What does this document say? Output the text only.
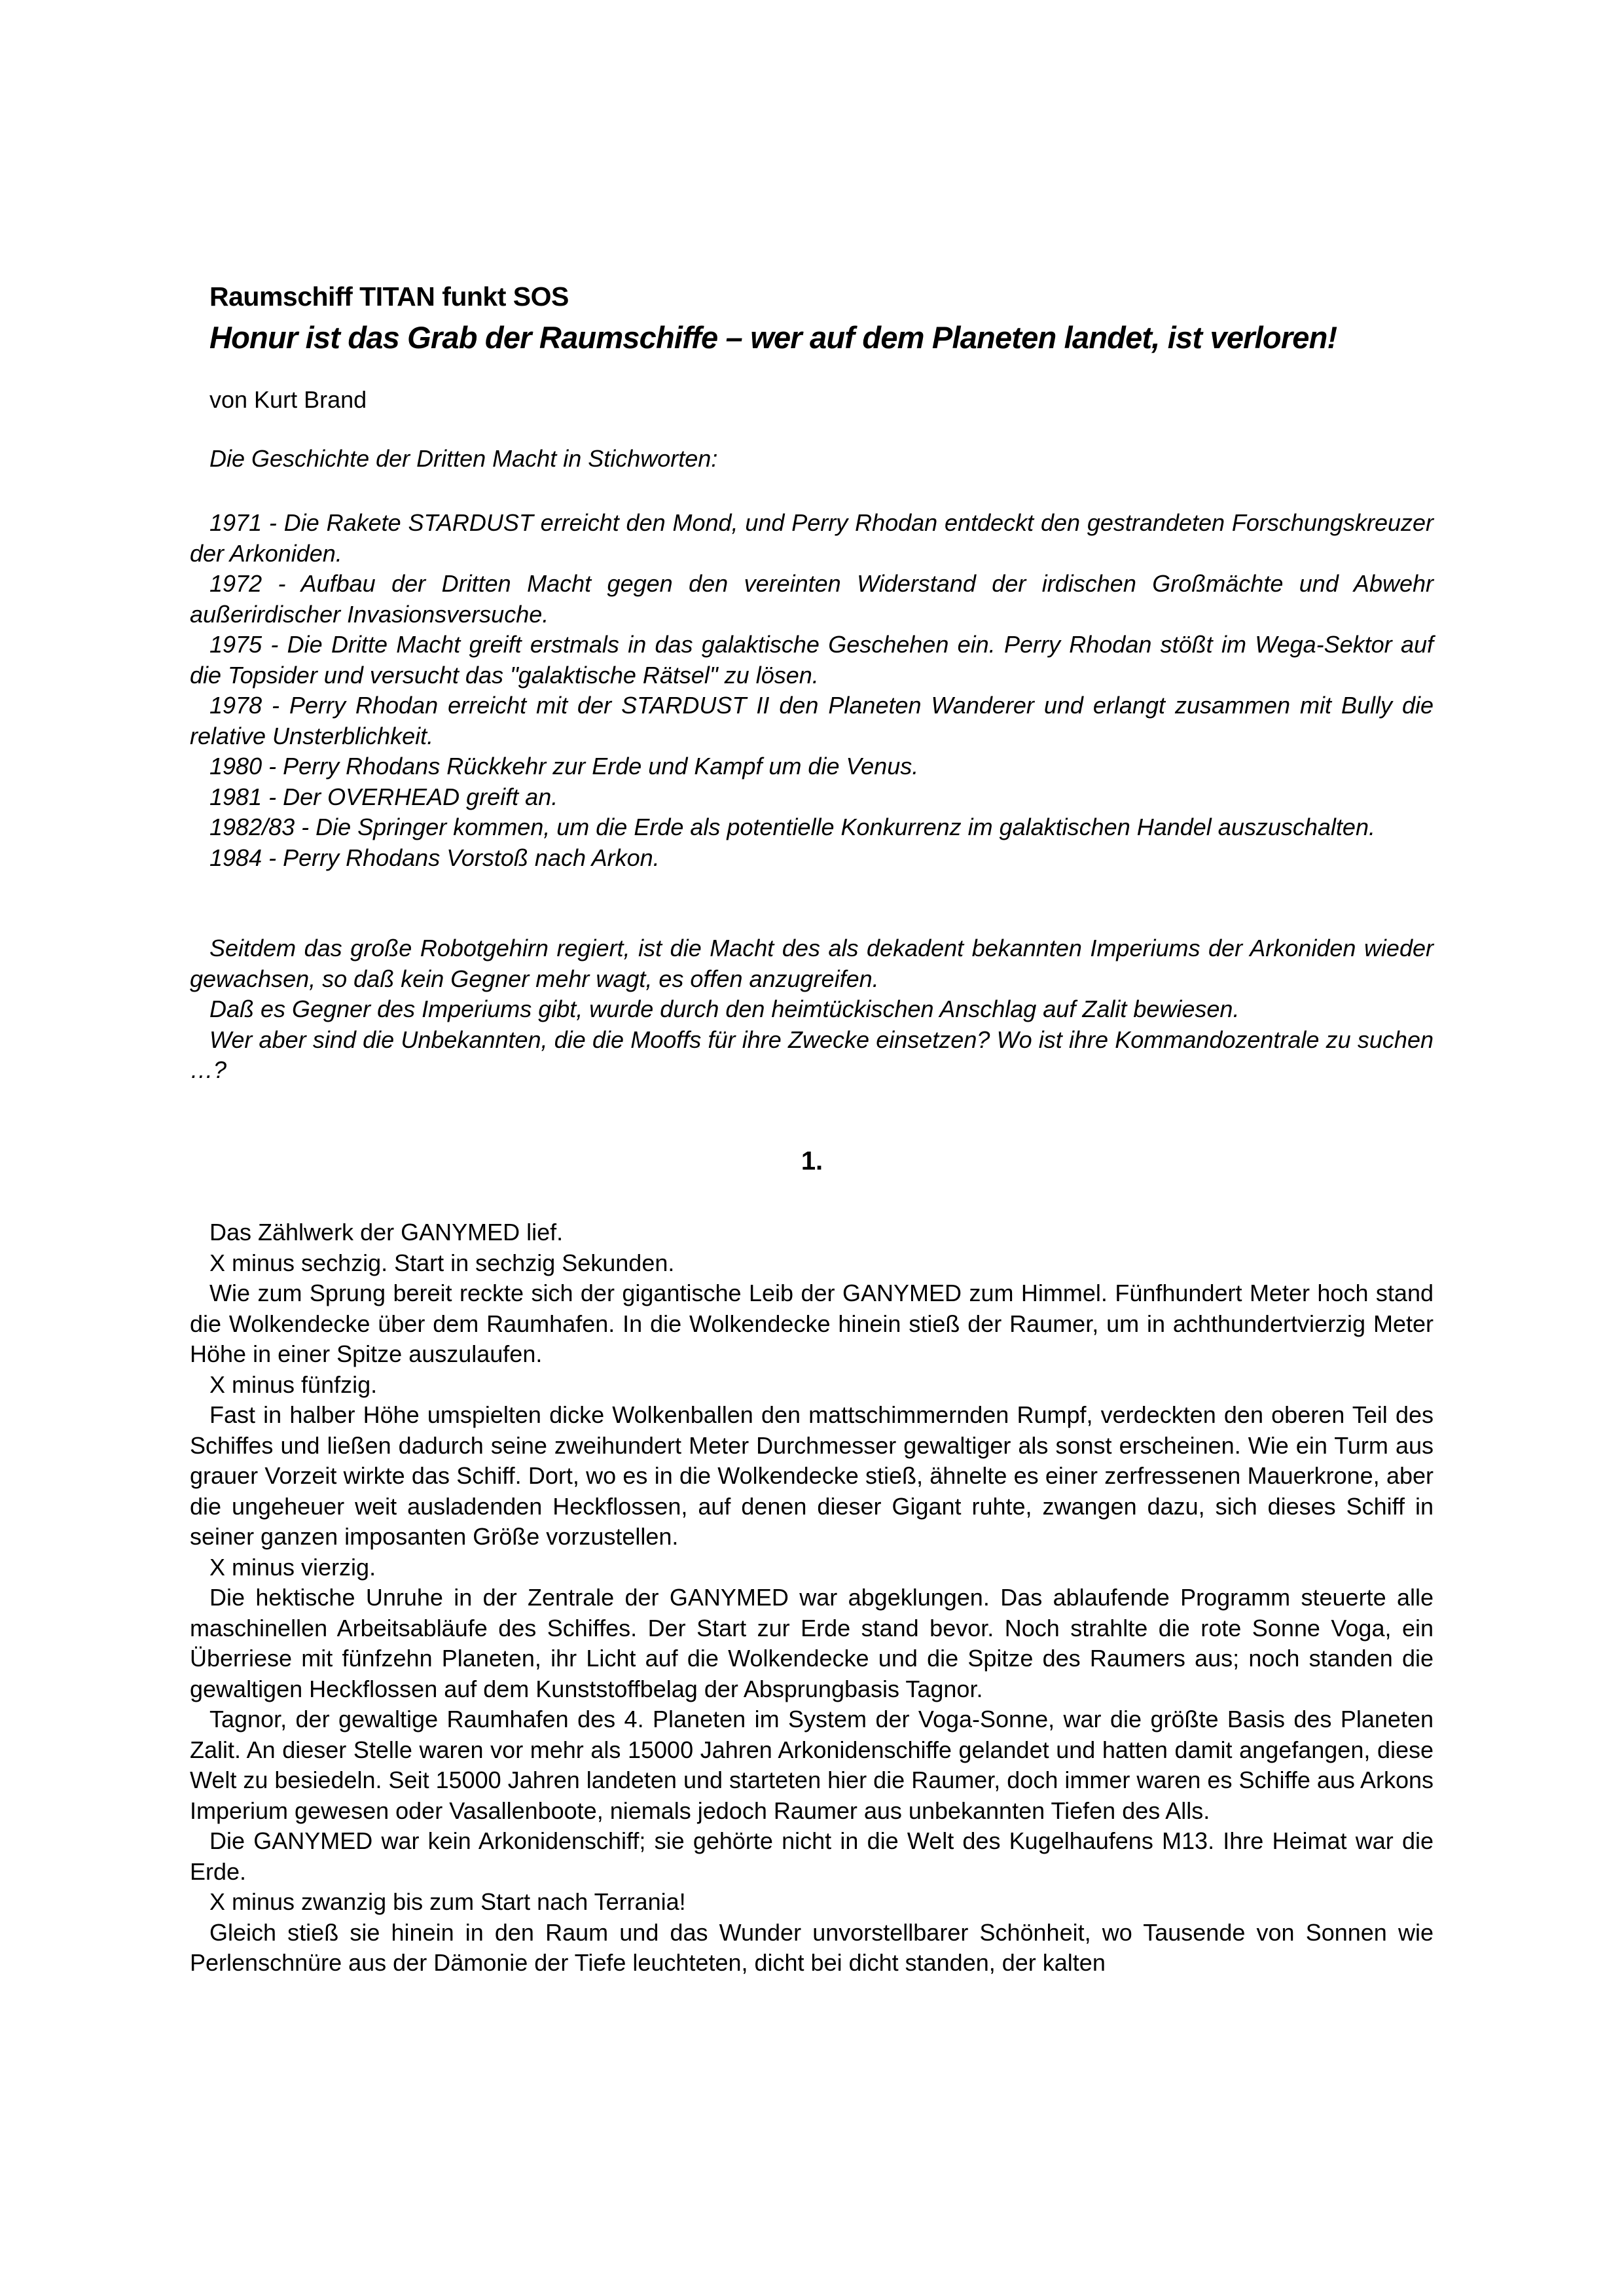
Raumschiff TITAN funkt SOS
Honur ist das Grab der Raumschiffe – wer auf dem Planeten landet, ist verloren!

von Kurt Brand

Die Geschichte der Dritten Macht in Stichworten:

1971 - Die Rakete STARDUST erreicht den Mond, und Perry Rhodan entdeckt den gestrandeten Forschungskreuzer der Arkoniden.

1972 - Aufbau der Dritten Macht gegen den vereinten Widerstand der irdischen Großmächte und Abwehr außerirdischer Invasionsversuche.

1975 - Die Dritte Macht greift erstmals in das galaktische Geschehen ein. Perry Rhodan stößt im Wega-Sektor auf die Topsider und versucht das "galaktische Rätsel" zu lösen.

1978 - Perry Rhodan erreicht mit der STARDUST II den Planeten Wanderer und erlangt zusammen mit Bully die relative Unsterblichkeit.

1980 - Perry Rhodans Rückkehr zur Erde und Kampf um die Venus.

1981 - Der OVERHEAD greift an.

1982/83 - Die Springer kommen, um die Erde als potentielle Konkurrenz im galaktischen Handel auszuschalten.

1984 - Perry Rhodans Vorstoß nach Arkon.

Seitdem das große Robotgehirn regiert, ist die Macht des als dekadent bekannten Imperiums der Arkoniden wieder gewachsen, so daß kein Gegner mehr wagt, es offen anzugreifen.

Daß es Gegner des Imperiums gibt, wurde durch den heimtückischen Anschlag auf Zalit bewiesen.

Wer aber sind die Unbekannten, die die Mooffs für ihre Zwecke einsetzen? Wo ist ihre Kommandozentrale zu suchen …?

1.

Das Zählwerk der GANYMED lief.

X minus sechzig. Start in sechzig Sekunden.

Wie zum Sprung bereit reckte sich der gigantische Leib der GANYMED zum Himmel. Fünfhundert Meter hoch stand die Wolkendecke über dem Raumhafen. In die Wolkendecke hinein stieß der Raumer, um in achthundertvierzig Meter Höhe in einer Spitze auszulaufen.

X minus fünfzig.

Fast in halber Höhe umspielten dicke Wolkenballen den mattschimmernden Rumpf, verdeckten den oberen Teil des Schiffes und ließen dadurch seine zweihundert Meter Durchmesser gewaltiger als sonst erscheinen. Wie ein Turm aus grauer Vorzeit wirkte das Schiff. Dort, wo es in die Wolkendecke stieß, ähnelte es einer zerfressenen Mauerkrone, aber die ungeheuer weit ausladenden Heckflossen, auf denen dieser Gigant ruhte, zwangen dazu, sich dieses Schiff in seiner ganzen imposanten Größe vorzustellen.

X minus vierzig.

Die hektische Unruhe in der Zentrale der GANYMED war abgeklungen. Das ablaufende Programm steuerte alle maschinellen Arbeitsabläufe des Schiffes. Der Start zur Erde stand bevor. Noch strahlte die rote Sonne Voga, ein Überriese mit fünfzehn Planeten, ihr Licht auf die Wolkendecke und die Spitze des Raumers aus; noch standen die gewaltigen Heckflossen auf dem Kunststoffbelag der Absprungbasis Tagnor.

Tagnor, der gewaltige Raumhafen des 4. Planeten im System der Voga-Sonne, war die größte Basis des Planeten Zalit. An dieser Stelle waren vor mehr als 15000 Jahren Arkonidenschiffe gelandet und hatten damit angefangen, diese Welt zu besiedeln. Seit 15000 Jahren landeten und starteten hier die Raumer, doch immer waren es Schiffe aus Arkons Imperium gewesen oder Vasallenboote, niemals jedoch Raumer aus unbekannten Tiefen des Alls.

Die GANYMED war kein Arkonidenschiff; sie gehörte nicht in die Welt des Kugelhaufens M13. Ihre Heimat war die Erde.

X minus zwanzig bis zum Start nach Terrania!

Gleich stieß sie hinein in den Raum und das Wunder unvorstellbarer Schönheit, wo Tausende von Sonnen wie Perlenschnüre aus der Dämonie der Tiefe leuchteten, dicht bei dicht standen, der kalten
